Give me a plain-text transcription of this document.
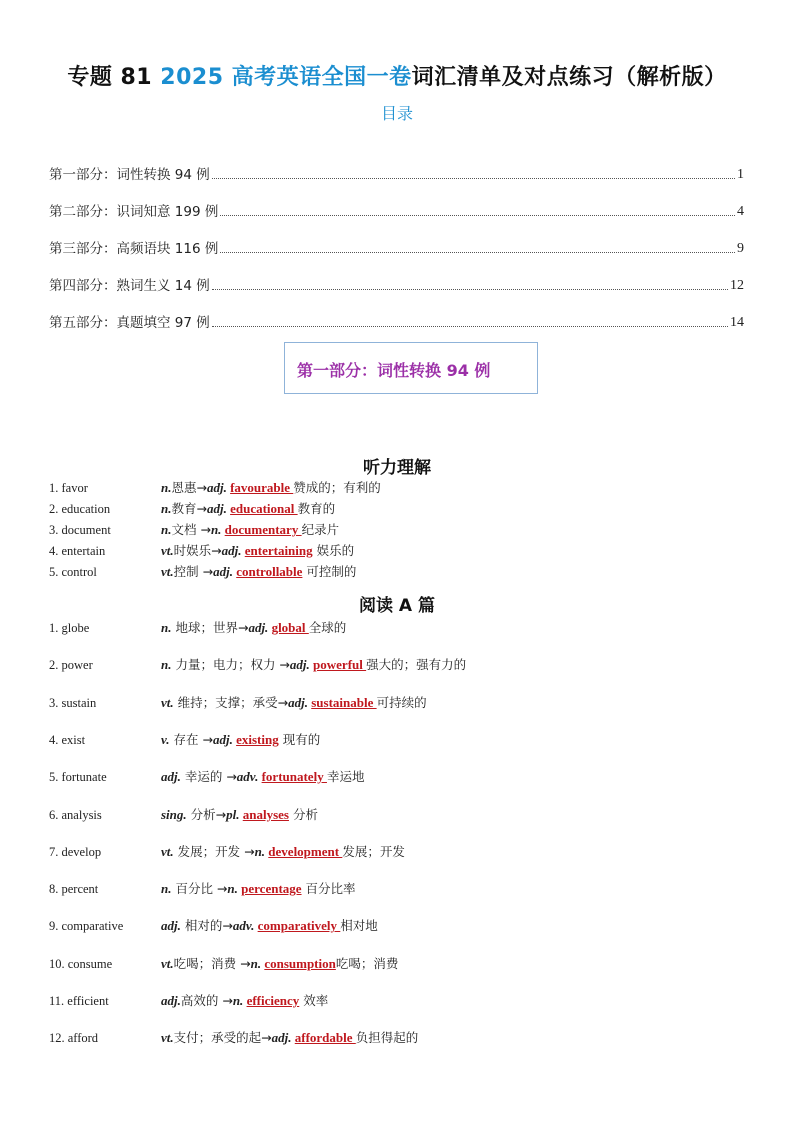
专题 81 2025 高考英语全国一卷词汇清单及对点练习（解析版）
目录
第一部分：词性转换 94 例	1
第二部分：识词知意 199 例	4
第三部分：高频语块 116 例	9
第四部分：熟词生义 14 例	12
第五部分：真题填空 97 例	14
第一部分：词性转换 94 例
听力理解
1. favor	n.恩惠→adj. favourable 赞成的；有利的
2. education	n.教育→adj. educational 教育的
3. document	n.文档 →n. documentary 纪录片
4. entertain	vt.时娱乐→adj. entertaining 娱乐的
5. control	vt.控制 →adj. controllable 可控制的
阅读 A 篇
1. globe	n. 地球；世界→adj. global 全球的
2. power	n. 力量；电力；权力 →adj. powerful 强大的；强有力的
3. sustain	vt. 维持；支撑；承受→adj. sustainable 可持续的
4. exist	v. 存在 →adj. existing 现有的
5. fortunate	adj. 幸运的 →adv. fortunately 幸运地
6. analysis	sing. 分析→pl. analyses 分析
7. develop	vt. 发展；开发 →n. development 发展；开发
8. percent	n. 百分比 →n. percentage 百分比率
9. comparative	adj. 相对的→adv. comparatively 相对地
10. consume	vt.吃喝；消费 →n. consumption吃喝；消费
11. efficient	adj.高效的 →n. efficiency 效率
12. afford	vt.支付；承受的起→adj. affordable 负担得起的
